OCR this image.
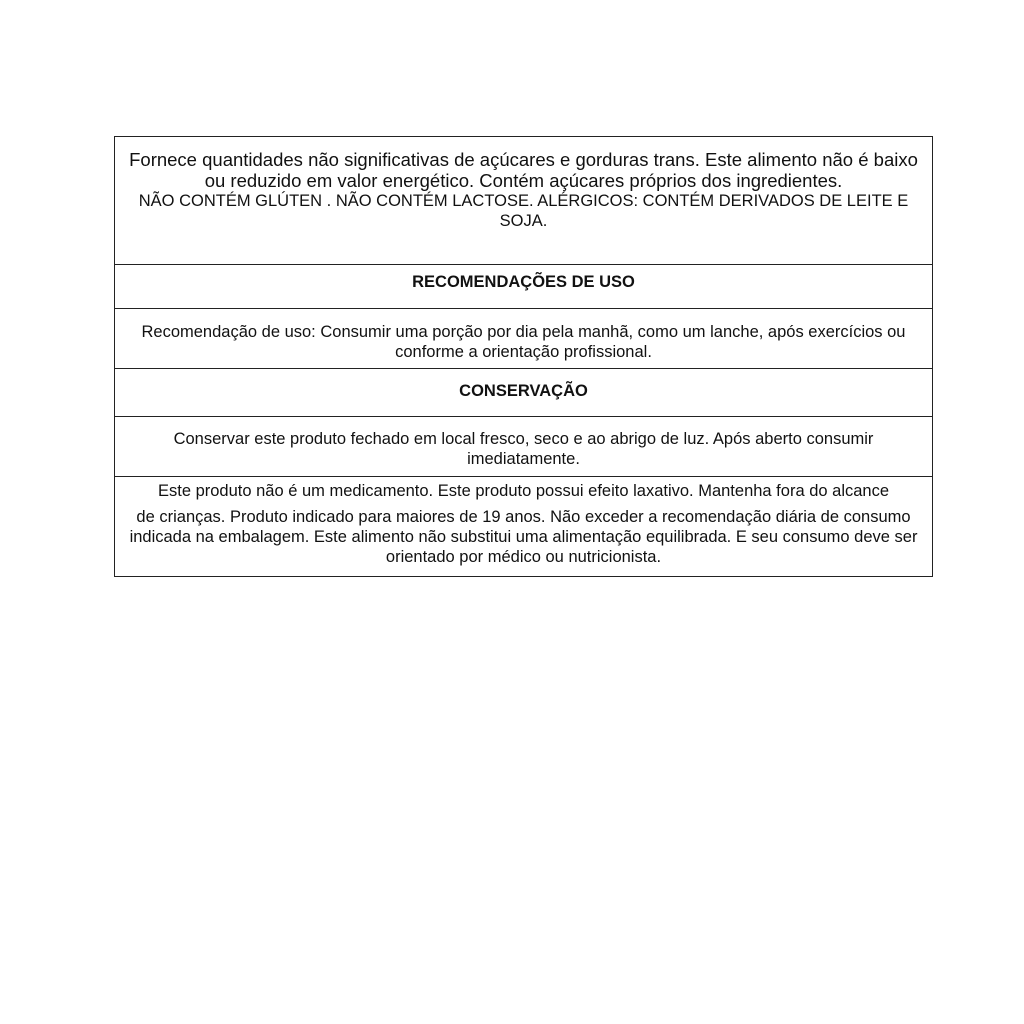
Fornece quantidades não significativas de açúcares e gorduras trans. Este alimento não é baixo ou reduzido em valor energético. Contém açúcares próprios dos ingredientes.
NÃO CONTÉM GLÚTEN . NÃO CONTÉM LACTOSE. ALÉRGICOS: CONTÉM DERIVADOS DE LEITE E SOJA.
RECOMENDAÇÕES DE USO
Recomendação de uso: Consumir uma porção por dia pela manhã, como um lanche, após exercícios ou conforme a orientação profissional.
CONSERVAÇÃO
Conservar este produto fechado em local fresco, seco e ao abrigo de luz. Após aberto consumir imediatamente.
Este produto não é um medicamento. Este produto possui efeito laxativo. Mantenha fora do alcance
de crianças. Produto indicado para maiores de 19 anos. Não exceder a recomendação diária de consumo indicada na embalagem. Este alimento não substitui uma alimentação equilibrada. E seu consumo deve ser orientado por médico ou nutricionista.
